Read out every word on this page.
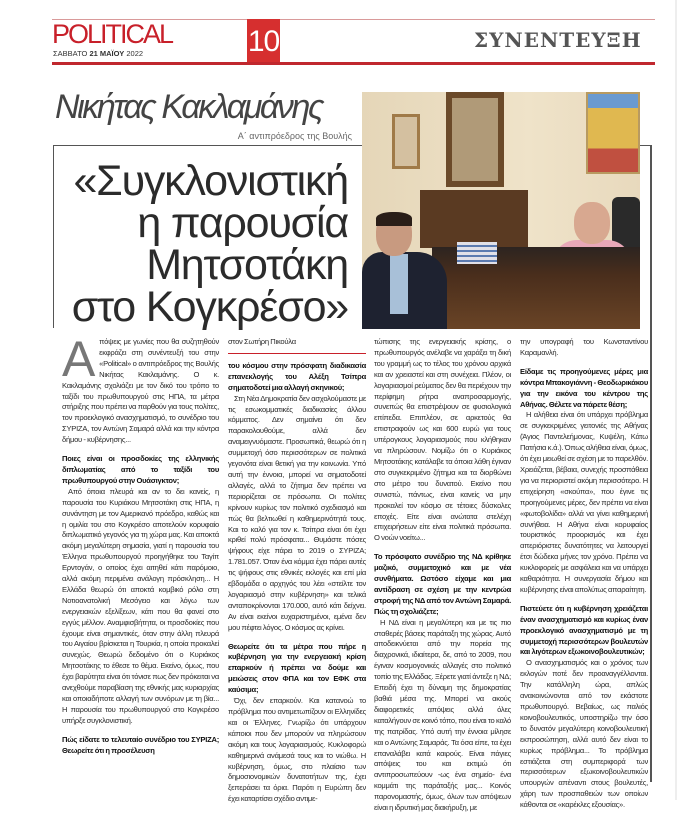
POLITICAL
ΣΑΒΒΑΤΟ 21 ΜΑΪΟΥ 2022	10	ΣΥΝΕΝΤΕΥΞΗ
Νικήτας Κακλαμάνης
Α΄ αντιπρόεδρος της Βουλής
«Συγκλονιστική
η παρουσία
Μητσοτάκη
στο Κογκρέσο»

Απόψεις με γωνίες που θα συζητηθούν εκφράζει στη συνέντευξή του στην «Political» ο αντιπρόεδρος της Βουλής Νικήτας Κακλαμάνης. Ο κ. Κακλαμάνης σχολιάζει με τον δικό του τρόπο το ταξίδι του πρωθυπουργού στις ΗΠΑ, τα μέτρα στήριξης που πρέπει να παρθούν για τους πολίτες, τον προεκλογικό ανασχηματισμό, το συνέδριο του ΣΥΡΙΖΑ, τον Αντώνη Σαμαρά αλλά και την κόντρα δήμου - κυβέρνησης...

Ποιες είναι οι προσδοκίες της ελληνικής διπλωματίας από το ταξίδι του πρωθυπουργού στην Ουάσιγκτον;

Από όποια πλευρά και αν το δει κανείς, η παρουσία του Κυριάκου Μητσοτάκη στις ΗΠΑ, η συνάντηση με τον Αμερικανό πρόεδρο, καθώς και η ομιλία του στο Κογκρέσο αποτελούν κορυφαίο διπλωματικό γεγονός για τη χώρα μας. Και αποκτά ακόμη μεγαλύτερη σημασία, γιατί η παρουσία του Έλληνα πρωθυπουργού προηγήθηκε του Ταγίπ Ερντογάν, ο οποίος έχει αιτηθεί κάτι παρόμοιο, αλλά ακόμη περιμένει ανάλογη πρόσκληση... Η Ελλάδα θεωρώ ότι αποκτά κομβικό ρόλο στη Νοτιοανατολική Μεσόγειο και λόγω των ενεργειακών εξελίξεων, κάτι που θα φανεί στο εγγύς μέλλον. Αναμφισβήτητα, οι προσδοκίες που έχουμε είναι σημαντικές, όταν στην άλλη πλευρά του Αιγαίου βρίσκεται η Τουρκία, η οποία προκαλεί συνεχώς. Θεωρώ δεδομένο ότι ο Κυριάκος Μητσοτάκης το έθεσε το θέμα. Εκείνο, όμως, που έχει βαρύτητα είναι ότι τόνισε πως δεν πρόκειται να ανεχθούμε παραβίαση της εθνικής μας κυριαρχίας και οποιαδήποτε αλλαγή των συνόρων με τη βία... Η παρουσία του πρωθυπουργού στο Κογκρέσο υπήρξε συγκλονιστική.

Πώς είδατε το τελευταίο συνέδριο του ΣΥΡΙΖΑ; Θεωρείτε ότι η προσέλευση

στον Σωτήρη Πικούλα

του κόσμου στην πρόσφατη διαδικασία επανεκλογής του Αλέξη Τσίπρα σηματοδοτεί μια αλλαγή σκηνικού;

Στη Νέα Δημοκρατία δεν ασχολούμαστε με τις εσωκομματικές διαδικασίες άλλου κόμματος. Δεν σημαίνει ότι δεν παρακολουθούμε, αλλά δεν αναμειγνυόμαστε. Προσωπικά, θεωρώ ότι η συμμετοχή όσο περισσότερων σε πολιτικά γεγονότα είναι θετική για την κοινωνία. Υπό αυτή την έννοια, μπορεί να σηματοδοτεί αλλαγές, αλλά το ζήτημα δεν πρέπει να περιορίζεται σε πρόσωπα. Οι πολίτες κρίνουν κυρίως τον πολιτικό σχεδιασμό και πώς θα βελτιωθεί η καθημερινότητά τους. Και το καλό για τον κ. Τσίπρα είναι ότι έχει κριθεί πολύ πρόσφατα... Θυμάστε πόσες ψήφους είχε πάρει το 2019 ο ΣΥΡΙΖΑ; 1.781.057. Όταν ένα κόμμα έχει πάρει αυτές τις ψήφους στις εθνικές εκλογές και επί μία εβδομάδα ο αρχηγός του λέει «στείλτε τον λογαριασμό στην κυβέρνηση» και τελικά ανταποκρίνονται 170.000, αυτό κάτι δείχνει. Αν είναι εκείνοι ευχαριστημένοι, εμένα δεν μου πέφτει λόγος. Ο κόσμος ας κρίνει.

Θεωρείτε ότι τα μέτρα που πήρε η κυβέρνηση για την ενεργειακή κρίση επαρκούν ή πρέπει να δούμε και μειώσεις στον ΦΠΑ και τον ΕΦΚ στα καύσιμα;

Όχι, δεν επαρκούν. Και κατανοώ το πρόβλημα που αντιμετωπίζουν οι Ελληνίδες και οι Έλληνες. Γνωρίζω ότι υπάρχουν κάποιοι που δεν μπορούν να πληρώσουν ακόμη και τους λογαριασμούς. Κυκλοφορώ καθημερινά ανάμεσά τους και το νιώθω. Η κυβέρνηση, όμως, στο πλαίσιο των δημοσιονομικών δυνατοτήτων της, έχει ξεπεράσει τα όρια. Παρότι η Ευρώπη δεν έχει καταρτίσει σχέδιο αντιμε-

τώπισης της ενεργειακής κρίσης, ο πρωθυπουργός ανέλαβε να χαράξει τη δική του γραμμή ως το τέλος του χρόνου αρχικά και αν χρειαστεί και στη συνέχεια. Πλέον, οι λογαριασμοί ρεύματος δεν θα περιέχουν την περίφημη ρήτρα αναπροσαρμογής, συνεπώς θα επιστρέψουν σε φυσιολογικά επίπεδα. Επιπλέον, σε αρκετούς θα επιστραφούν ως και 600 ευρώ για τους υπέρογκους λογαριασμούς που κλήθηκαν να πληρώσουν. Νομίζω ότι ο Κυριάκος Μητσοτάκης κατάλαβε τα όποια λάθη έγιναν στο συγκεκριμένο ζήτημα και τα διορθώνει στο μέτρο του δυνατού. Εκείνο που συνιστώ, πάντως, είναι κανείς να μην προκαλεί τον κόσμο σε τέτοιες δύσκολες εποχές. Είτε είναι ανώτατα στελέχη επιχειρήσεων είτε είναι πολιτικά πρόσωπα. Ο νοών νοείτω...

Το πρόσφατο συνέδριο της ΝΔ κρίθηκε μαζικό, συμμετοχικό και με νέα συνθήματα. Ωστόσο είχαμε και μια αντίδραση σε σχέση με την κεντρώα στροφή της ΝΔ από τον Αντώνη Σαμαρά. Πώς τη σχολιάζετε;

Η ΝΔ είναι η μεγαλύτερη και με τις πιο σταθερές βάσεις παράταξη της χώρας. Αυτό αποδεικνύεται από την πορεία της διαχρονικά, ιδιαίτερα, δε, από το 2009, που έγιναν κοσμογονικές αλλαγές στο πολιτικό τοπίο της Ελλάδας. Ξέρετε γιατί άντεξε η ΝΔ; Επειδή έχει τη δύναμη της δημοκρατίας βαθιά μέσα της. Μπορεί να ακούς διαφορετικές απόψεις αλλά όλες καταλήγουν σε κοινό τόπο, που είναι το καλό της πατρίδας. Υπό αυτή την έννοια μίλησε και ο Αντώνης Σαμαράς. Τα όσα είπε, τα έχει επαναλάβει κατά καιρούς. Είναι πάγιες απόψεις του και εκτιμώ ότι αντιπροσωπεύουν -ως ένα σημείο- ένα κομμάτι της παράταξής μας... Κοινός παρονομαστής, όμως, όλων των απόψεων είναι η ιδρυτική μας διακήρυξη, με

την υπογραφή του Κωνσταντίνου Καραμανλή.

Είδαμε τις προηγούμενες μέρες μια κόντρα Μπακογιάννη - Θεοδωρικάκου για την εικόνα του κέντρου της Αθήνας. Θέλετε να πάρετε θέση;

Η αλήθεια είναι ότι υπάρχει πρόβλημα σε συγκεκριμένες γειτονιές της Αθήνας (Άγιος Παντελεήμονας, Κυψέλη, Κάτω Πατήσια κ.ά.). Όπως αλήθεια είναι, όμως, ότι έχει μειωθεί σε σχέση με το παρελθόν. Χρειάζεται, βέβαια, συνεχής προσπάθεια για να περιοριστεί ακόμη περισσότερο. Η επιχείρηση «σκούπα», που έγινε τις προηγούμενες μέρες, δεν πρέπει να είναι «φωτοβολίδα» αλλά να γίνει καθημερινή συνήθεια. Η Αθήνα είναι κορυφαίος τουριστικός προορισμός και έχει απεριόριστες δυνατότητες να λειτουργεί έτσι δώδεκα μήνες τον χρόνο. Πρέπει να κυκλοφορείς με ασφάλεια και να υπάρχει καθαριότητα. Η συνεργασία δήμου και κυβέρνησης είναι απολύτως απαραίτητη.

Πιστεύετε ότι η κυβέρνηση χρειάζεται έναν ανασχηματισμό και κυρίως έναν προεκλογικό ανασχηματισμό με τη συμμετοχή περισσότερων βουλευτών και λιγότερων εξωκοινοβουλευτικών;

Ο ανασχηματισμός και ο χρόνος των εκλογών ποτέ δεν προαναγγέλλονται. Την κατάλληλη ώρα, απλώς ανακοινώνονται από τον εκάστοτε πρωθυπουργό. Βεβαίως, ως παλιός κοινοβουλευτικός, υποστηρίζω την όσο το δυνατόν μεγαλύτερη κοινοβουλευτική εκπροσώπηση, αλλά αυτό δεν είναι το κυρίως πρόβλημα... Το πρόβλημα εστιάζεται στη συμπεριφορά των περισσότερων εξωκοινοβουλευτικών υπουργών απέναντι στους βουλευτές, χάρη των προσπαθειών των οποίων κάθονται σε «καρέκλες εξουσίας».
